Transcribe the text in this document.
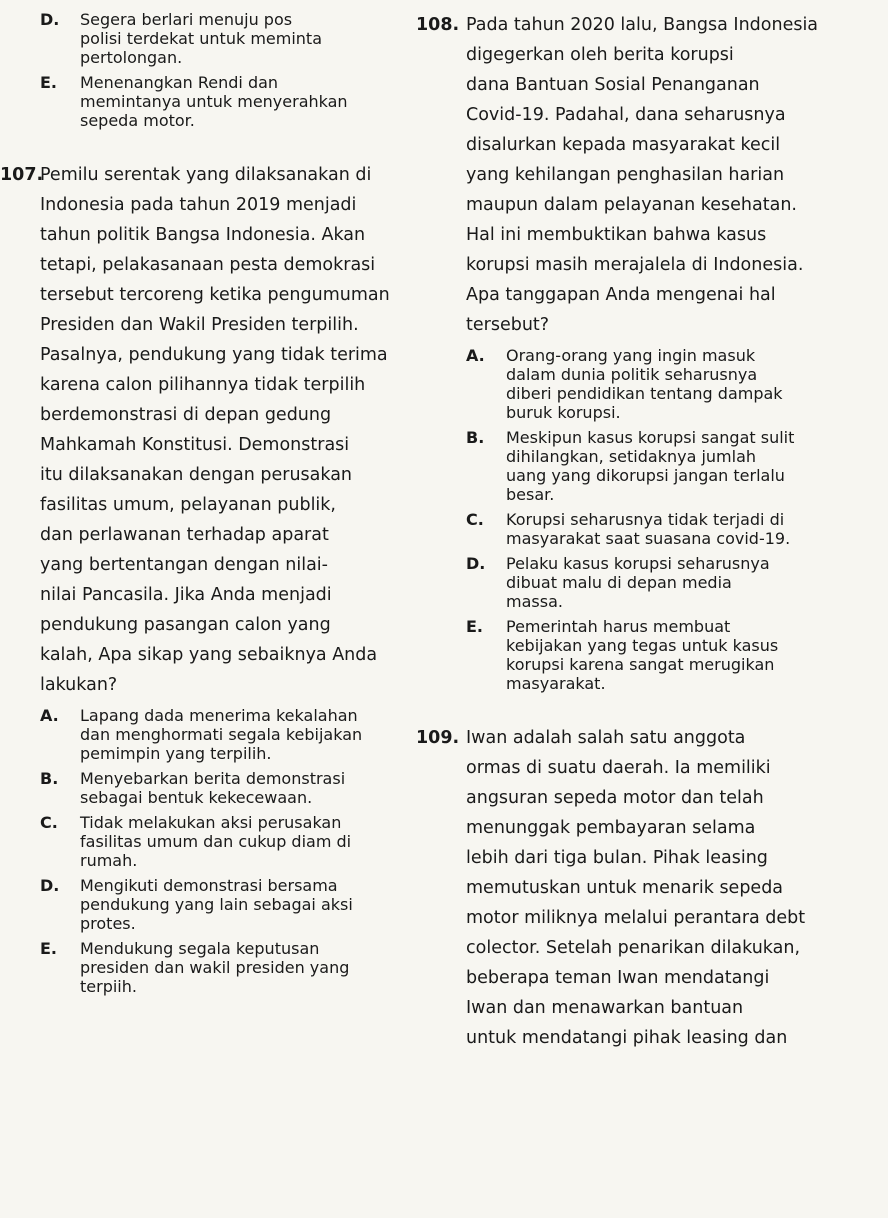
D. Segera berlari menuju pos
polisi terdekat untuk meminta
pertolongan.
E. Menenangkan Rendi dan
memintanya untuk menyerahkan
sepeda motor.
107.
Pemilu serentak yang dilaksanakan di
Indonesia pada tahun 2019 menjadi
tahun politik Bangsa Indonesia. Akan
tetapi, pelakasanaan pesta demokrasi
tersebut tercoreng ketika pengumuman
Presiden dan Wakil Presiden terpilih.
Pasalnya, pendukung yang tidak terima
karena calon pilihannya tidak terpilih
berdemonstrasi di depan gedung
Mahkamah Konstitusi. Demonstrasi
itu dilaksanakan dengan perusakan
fasilitas umum, pelayanan publik,
dan perlawanan terhadap aparat
yang bertentangan dengan nilai-
nilai Pancasila. Jika Anda menjadi
pendukung pasangan calon yang
kalah, Apa sikap yang sebaiknya Anda
lakukan?
A. Lapang dada menerima kekalahan
dan menghormati segala kebijakan
pemimpin yang terpilih.
B. Menyebarkan berita demonstrasi
sebagai bentuk kekecewaan.
C. Tidak melakukan aksi perusakan
fasilitas umum dan cukup diam di
rumah.
D. Mengikuti demonstrasi bersama
pendukung yang lain sebagai aksi
protes.
E. Mendukung segala keputusan
presiden dan wakil presiden yang
terpiih.
108. Pada tahun 2020 lalu, Bangsa Indonesia
digegerkan oleh berita korupsi
dana Bantuan Sosial Penanganan
Covid-19. Padahal, dana seharusnya
disalurkan kepada masyarakat kecil
yang kehilangan penghasilan harian
maupun dalam pelayanan kesehatan.
Hal ini membuktikan bahwa kasus
korupsi masih merajalela di Indonesia.
Apa tanggapan Anda mengenai hal
tersebut?
A. Orang-orang yang ingin masuk
dalam dunia politik seharusnya
diberi pendidikan tentang dampak
buruk korupsi.
B. Meskipun kasus korupsi sangat sulit
dihilangkan, setidaknya jumlah
uang yang dikorupsi jangan terlalu
besar.
C. Korupsi seharusnya tidak terjadi di
masyarakat saat suasana covid-19.
D. Pelaku kasus korupsi seharusnya
dibuat malu di depan media
massa.
E. Pemerintah harus membuat
kebijakan yang tegas untuk kasus
korupsi karena sangat merugikan
masyarakat.
109. Iwan adalah salah satu anggota
ormas di suatu daerah. Ia memiliki
angsuran sepeda motor dan telah
menunggak pembayaran selama
lebih dari tiga bulan. Pihak leasing
memutuskan untuk menarik sepeda
motor miliknya melalui perantara debt
colector. Setelah penarikan dilakukan,
beberapa teman Iwan mendatangi
Iwan dan menawarkan bantuan
untuk mendatangi pihak leasing dan
